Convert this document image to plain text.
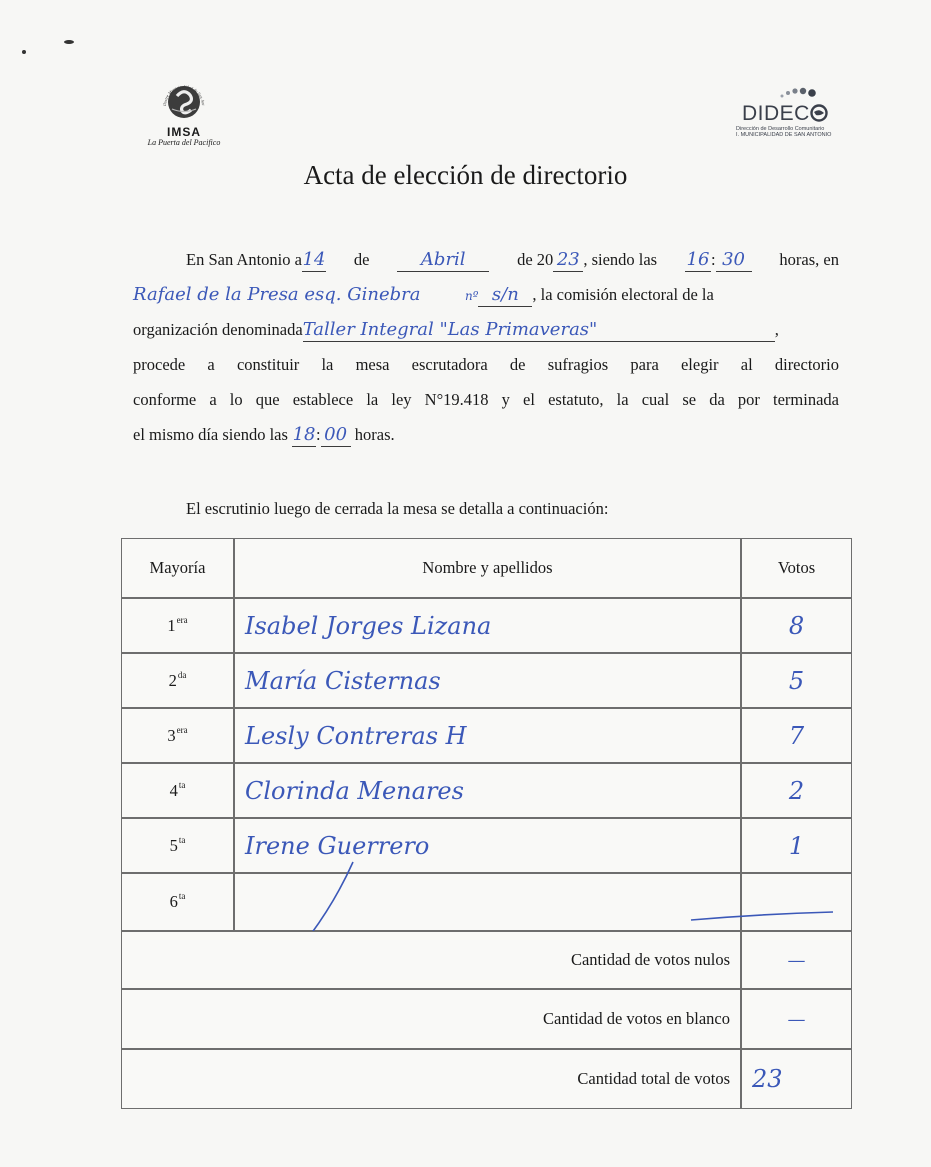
Ilustre Municipalidad de San Ant
IMSA
La Puerta del Pacifico
DIDEC
Dirección de Desarrollo Comunitario
I. MUNICIPALIDAD DE SAN ANTONIO
Acta de elección de directorio
En San Antonio a14 de	Abril	de 20 23 , siendo las 16: 30	horas, en
Rafael de la Presa esq. Ginebra	nº s/n , la comisión electoral de la
organización denominadaTaller Integral "Las Primaveras"	,
procede a constituir la mesa escrutadora de sufragios para elegir al directorio
conforme a lo que establece la ley N°19.418 y el estatuto, la cual se da por terminada
el mismo día siendo las 18: 00 horas.
El escrutinio luego de cerrada la mesa se detalla a continuación:
Mayoría	Nombre y apellidos	Votos
$1^{era}$	Isabel Jorges Lizana	8
$2^{da}$	María Cisternas	5
$3^{era}$	Lesly Contreras H	7
$4^{ta}$	Clorinda Menares	2
$5^{ta}$	Irene Guerrero	1
$6^{ta}$
Cantidad de votos nulos	—
Cantidad de votos en blanco	—
Cantidad total de votos 23
